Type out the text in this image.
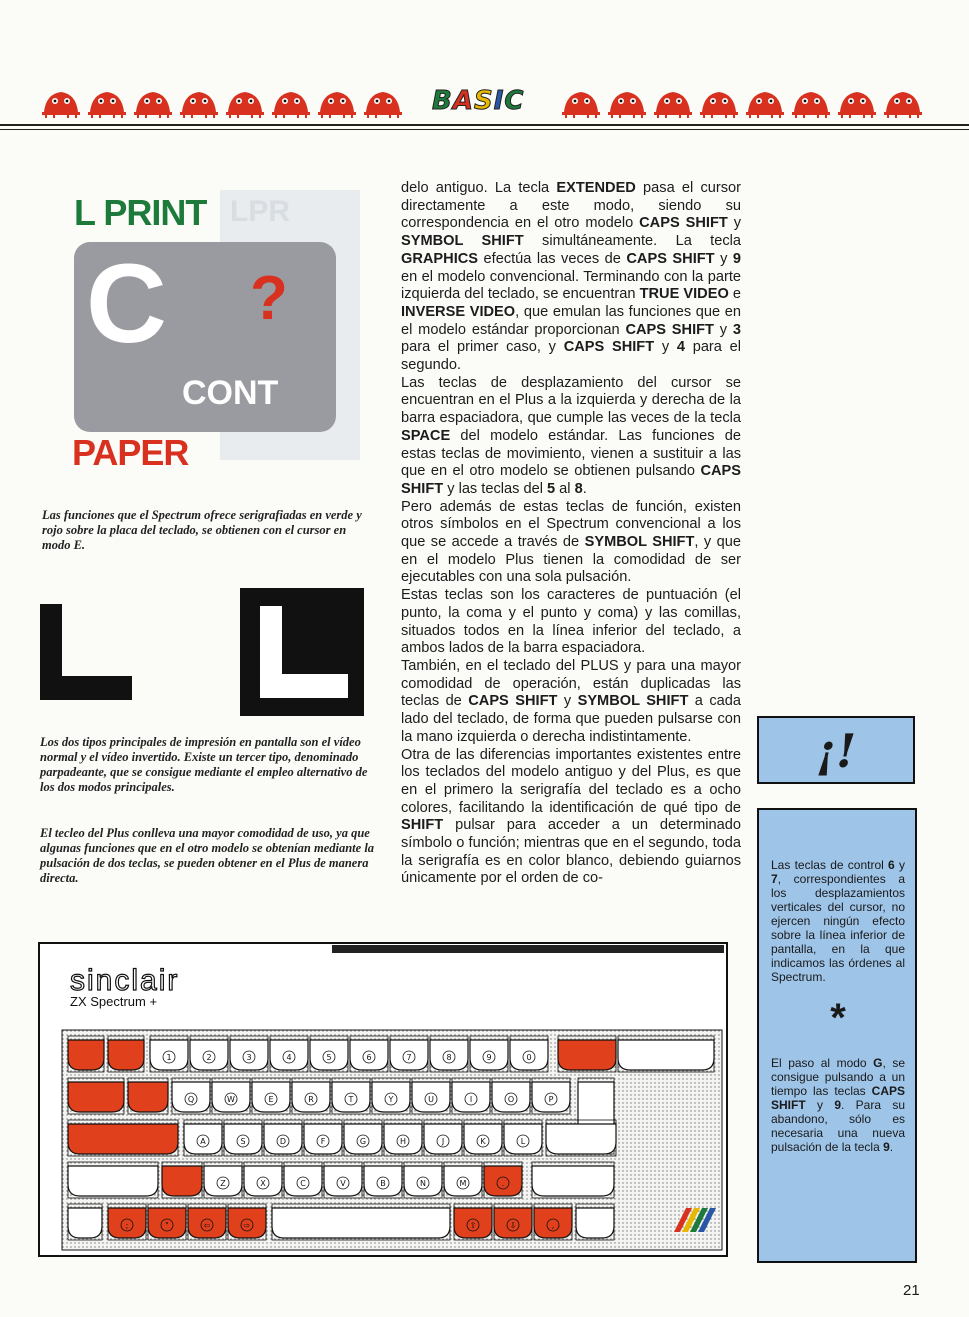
BASIC
LPR
L PRINT
C ?
CONT
PAPER
Las funciones que el Spectrum ofrece serigrafiadas en verde y rojo sobre la placa del teclado, se obtienen con el cursor en modo E.
Los dos tipos principales de impresión en pantalla son el vídeo normal y el vídeo invertido. Existe un tercer tipo, denominado parpadeante, que se consigue mediante el empleo alternativo de los dos modos principales.
El tecleo del Plus conlleva una mayor comodidad de uso, ya que algunas funciones que en el otro modelo se obtenían mediante la pulsación de dos teclas, se pueden obtener en el Plus de manera directa.

delo antiguo. La tecla EXTENDED pasa el cursor directamente a este modo, siendo su correspondencia en el otro modelo CAPS SHIFT y SYMBOL SHIFT simultáneamente. La tecla GRAPHICS efectúa las veces de CAPS SHIFT y 9 en el modelo convencional. Terminando con la parte izquierda del teclado, se encuentran TRUE VIDEO e INVERSE VIDEO, que emulan las funciones que en el modelo estándar proporcionan CAPS SHIFT y 3 para el primer caso, y CAPS SHIFT y 4 para el segundo.

Las teclas de desplazamiento del cursor se encuentran en el Plus a la izquierda y derecha de la barra espaciadora, que cumple las veces de la tecla SPACE del modelo estándar. Las funciones de estas teclas de movimiento, vienen a sustituir a las que en el otro modelo se obtienen pulsando CAPS SHIFT y las teclas del 5 al 8.

Pero además de estas teclas de función, existen otros símbolos en el Spectrum convencional a los que se accede a través de SYMBOL SHIFT, y que en el modelo Plus tienen la comodidad de ser ejecutables con una sola pulsación.

Estas teclas son los caracteres de puntuación (el punto, la coma y el punto y coma) y las comillas, situados todos en la línea inferior del teclado, a ambos lados de la barra espaciadora.

También, en el teclado del PLUS y para una mayor comodidad de operación, están duplicadas las teclas de CAPS SHIFT y SYMBOL SHIFT a cada lado del teclado, de forma que pueden pulsarse con la mano izquierda o derecha indistintamente.

Otra de las diferencias importantes existentes entre los teclados del modelo antiguo y del Plus, es que en el primero la serigrafía del teclado es a ocho colores, facilitando la identificación de qué tipo de SHIFT pulsar para acceder a un determinado símbolo o función; mientras que en el segundo, toda la serigrafía es en color blanco, debiendo guiarnos únicamente por el orden de co-

¡!
Las teclas de control 6 y 7, correspondientes a los desplazamientos verticales del cursor, no ejercen ningún efecto sobre la línea inferior de pantalla, en la que indicamos las órdenes al Spectrum.
*
El paso al modo G, se consigue pulsando a un tiempo las teclas CAPS SHIFT y 9. Para su abandono, sólo es necesaria una nueva pulsación de la tecla 9.
sinclair
ZX Spectrum +
1	2	3	4	5	6	7	8	9	0
Q	W	E	R	T	Y	U	I	O	P
A	S	D	F	G	H	J	K	L
Z	X	C	V	B	N	M	.
;	"	⇦	⇨	⇧	⇩	,
21
